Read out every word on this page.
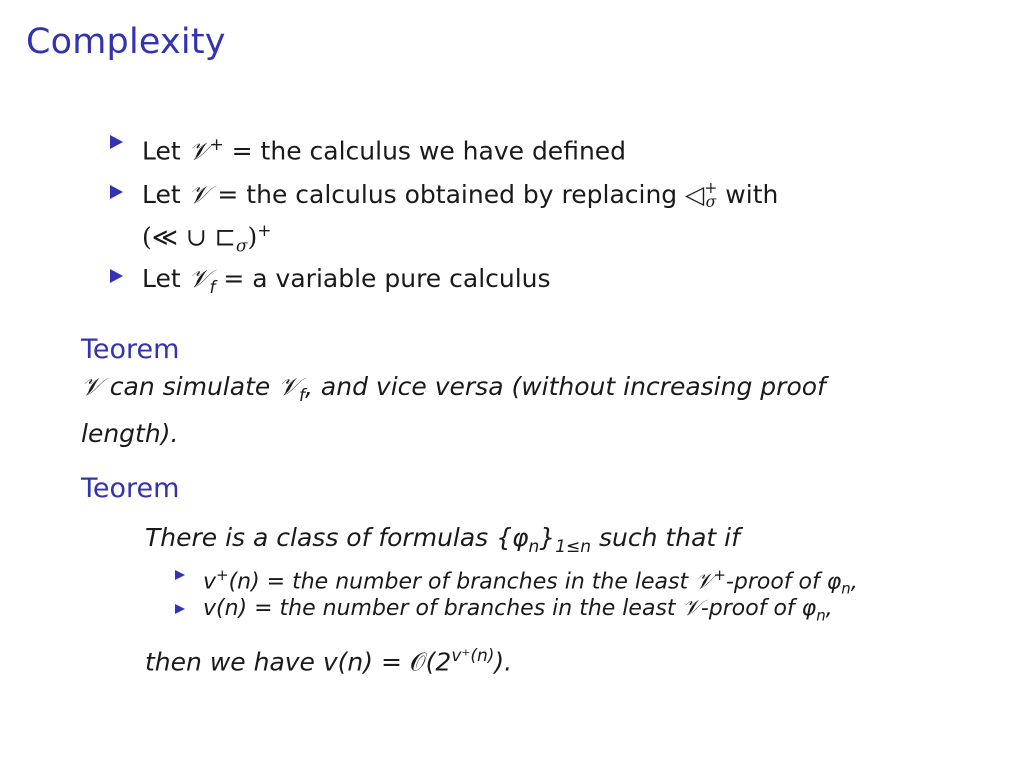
Complexity
Let 𝒱+ = the calculus we have defined
Let 𝒱 = the calculus obtained by replacing ◁ +
σ with
(≪ ∪ $⊏_\sigma)^+$
Let 𝒱$_f$ = a variable pure calculus
Teorem
𝒱 can simulate 𝒱$_f$, and vice versa (without increasing proof
length).
Teorem
There is a class of formulas $\{\varphi_n\}_{1\le n}$ such that if
v+(n) = the number of branches in the least 𝒱+-proof of $\varphi_n$,
v(n) = the number of branches in the least 𝒱-proof of $\varphi_n$,
then we have $v(n) = 𝒪(2^{v^+(n)})$.
